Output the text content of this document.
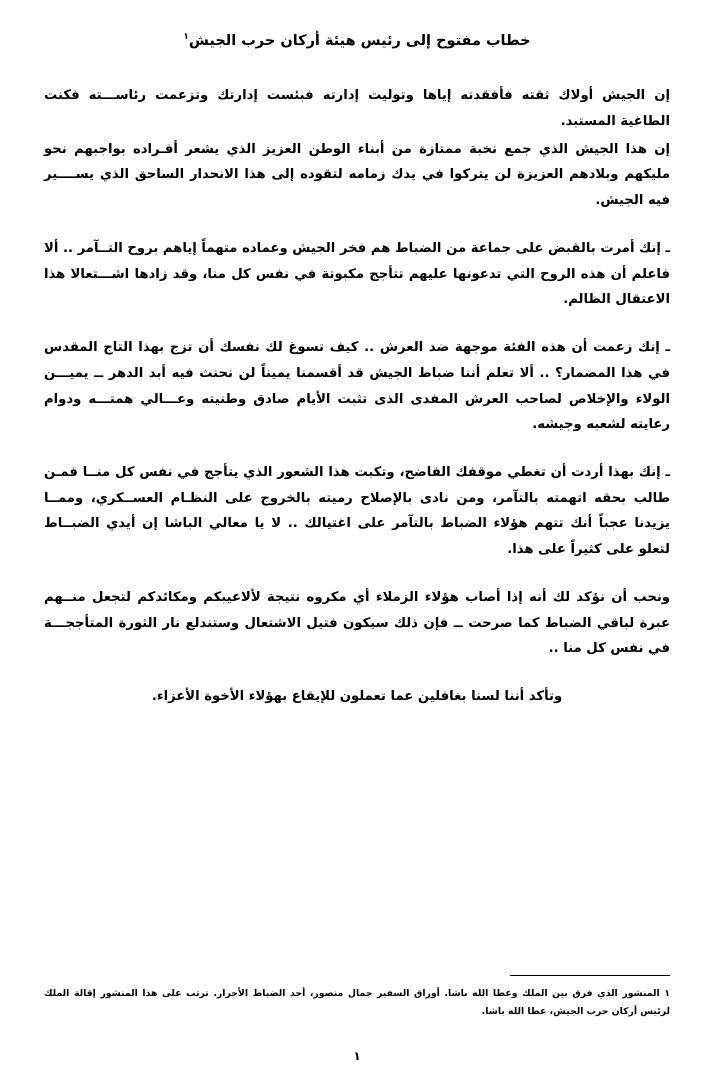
خطاب مفتوح إلى رئيس هيئة أركان حرب الجيش$^١$

إن الجيش أولاك ثقته فأفقدته إياها وتوليت إدارته فبئست إدارتك وتزعمت رئاســـته فكنت الطاغية المستبد.

إن هذا الجيش الذي جمع نخبة ممتازة من أبناء الوطن العزيز الذي يشعر أفـراده بواجبهم نحو مليكهم وبلادهم العزيزة لن يتركوا في يدك زمامه لتقوده إلى هذا الانحدار الساحق الذي يســــير فيه الجيش.

ـ إنك أمرت بالقبض على جماعة من الضباط هم فخر الجيش وعماده متهماً إياهم بروح التــآمر .. ألا فاعلم أن هذه الروح التي تدعونها عليهم تتأجج مكبوتة في نفس كل منا، وقد زادها اشـــتعالا هذا الاعتقال الظالم.

ـ إنك زعمت أن هذه الفئة موجهة ضد العرش .. كيف تسوغ لك نفسك أن تزج بهذا التاج المقدس في هذا المضمار؟ .. ألا تعلم أننا ضباط الجيش قد أقسمنا يميناً لن نحنث فيه أبد الدهر ــ يميـــن الولاء والإخلاص لصاحب العرش المفدى الذى تثبت الأيام صادق وطنيته وعـــالي همتـــه ودوام رعايته لشعبه وجيشه.

ـ إنك بهذا أردت أن تغطي موقفك الفاضح، وتكبت هذا الشعور الذي يتأجج في نفس كل منــا فمـن طالب بحقه اتهمته بالتآمر، ومن نادى بالإصلاح رميته بالخروج على النظـام العســكري، وممــا يزيدنا عجباً أنك تتهم هؤلاء الضباط بالتآمر على اغتيالك .. لا يا معالي الباشا إن أيدي الضبــاط لتعلو على كثيراً على هذا.

ونحب أن نؤكد لك أنه إذا أصاب هؤلاء الزملاء أي مكروه نتيجة لألاعيبكم ومكائدكم لتجعل منــهم عبرة لباقي الضباط كما صرحت ــ فإن ذلك سيكون فتيل الاشتعال وستندلع نار الثورة المتأججـــة في نفس كل منا ..

وتأكد أننا لسنا بغافلين عما تعملون للإيقاع بهؤلاء الأخوة الأعزاء.

١ المنشور الذي فرق بين الملك وعطا الله باشا. أوراق السفير جمال منصور، أحد الضباط الأحرار. ترتب على هذا المنشور إقالة الملك لرئيس أركان حرب الجيش، عطا الله باشا.

١
